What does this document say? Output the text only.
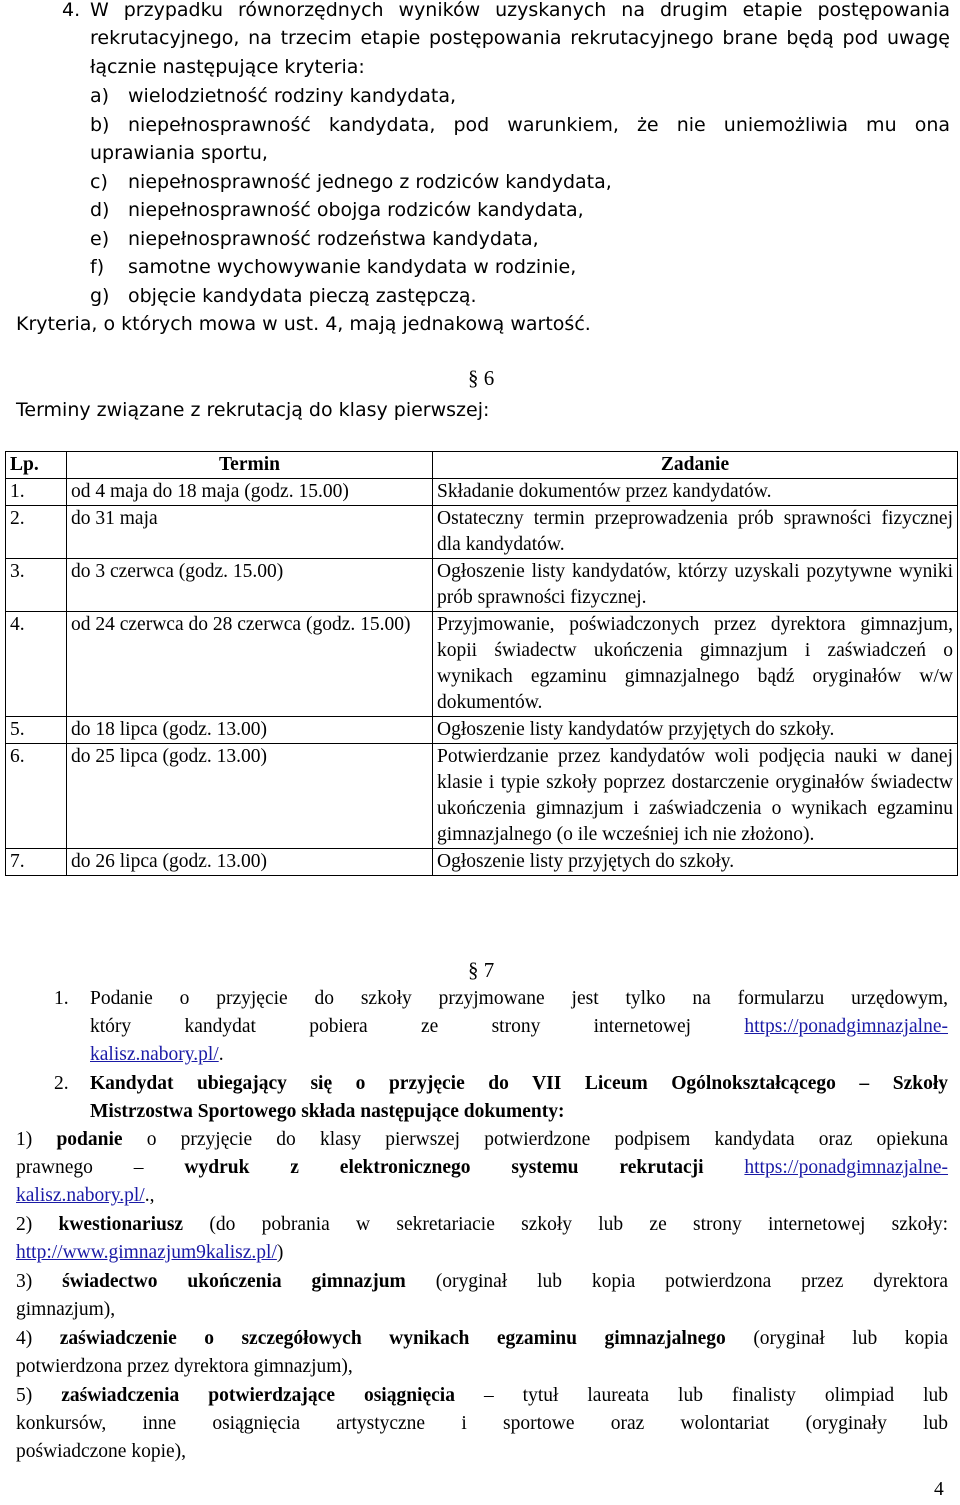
4. W przypadku równorzędnych wyników uzyskanych na drugim etapie postępowania
rekrutacyjnego, na trzecim etapie postępowania rekrutacyjnego brane będą pod uwagę
łącznie następujące kryteria:
a) wielodzietność rodziny kandydata,
b) niepełnosprawność kandydata, pod warunkiem, że nie uniemożliwia mu ona
uprawiania sportu,
c) niepełnosprawność jednego z rodziców kandydata,
d) niepełnosprawność obojga rodziców kandydata,
e) niepełnosprawność rodzeństwa kandydata,
f) samotne wychowywanie kandydata w rodzinie,
g) objęcie kandydata pieczą zastępczą.
Kryteria, o których mowa w ust. 4, mają jednakową wartość.
§ 6
Terminy związane z rekrutacją do klasy pierwszej:
Lp.	Termin	Zadanie
1.	od 4 maja do 18 maja (godz. 15.00)	Składanie dokumentów przez kandydatów.
2.	do 31 maja	Ostateczny termin przeprowadzenia prób sprawności fizycznej dla kandydatów.
3.	do 3 czerwca (godz. 15.00)	Ogłoszenie listy kandydatów, którzy uzyskali pozytywne wyniki prób sprawności fizycznej.
4.	od 24 czerwca do 28 czerwca (godz. 15.00)	Przyjmowanie, poświadczonych przez dyrektora gimnazjum, kopii świadectw ukończenia gimnazjum i zaświadczeń o wynikach egzaminu gimnazjalnego bądź oryginałów w/w dokumentów.
5.	do 18 lipca (godz. 13.00)	Ogłoszenie listy kandydatów przyjętych do szkoły.
6.	do 25 lipca (godz. 13.00)	Potwierdzanie przez kandydatów woli podjęcia nauki w danej klasie i typie szkoły poprzez dostarczenie oryginałów świadectw ukończenia gimnazjum i zaświadczenia o wynikach egzaminu gimnazjalnego (o ile wcześniej ich nie złożono).
7.	do 26 lipca (godz. 13.00)	Ogłoszenie listy przyjętych do szkoły.
§ 7
1. Podanie o przyjęcie do szkoły przyjmowane jest tylko na formularzu urzędowym,
który kandydat pobiera ze strony internetowej	https://ponadgimnazjalne-
kalisz.nabory.pl/.
2. Kandydat ubiegający się o przyjęcie do VII Liceum Ogólnokształcącego – Szkoły
Mistrzostwa Sportowego składa następujące dokumenty:
1) podanie o przyjęcie do klasy pierwszej potwierdzone podpisem kandydata oraz opiekuna
prawnego – wydruk z elektronicznego systemu rekrutacji https://ponadgimnazjalne-
kalisz.nabory.pl/.,
2) kwestionariusz (do pobrania w sekretariacie szkoły lub ze strony internetowej szkoły:
http://www.gimnazjum9kalisz.pl/)
3) świadectwo ukończenia gimnazjum (oryginał lub kopia potwierdzona przez dyrektora
gimnazjum),
4) zaświadczenie o szczegółowych wynikach egzaminu gimnazjalnego (oryginał lub kopia
potwierdzona przez dyrektora gimnazjum),
5) zaświadczenia potwierdzające osiągnięcia – tytuł laureata lub finalisty olimpiad lub
konkursów, inne osiągnięcia artystyczne i sportowe oraz wolontariat (oryginały lub
poświadczone kopie),
4
